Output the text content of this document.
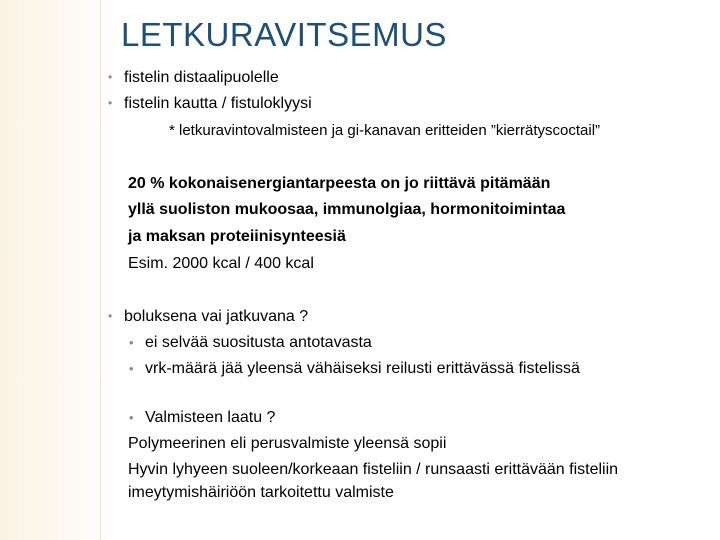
LETKURAVITSEMUS
• fistelin distaalipuolelle
• fistelin kautta / fistuloklyysi
* letkuravintovalmisteen ja gi-kanavan eritteiden ”kierrätyscoctail”
20 % kokonaisenergiantarpeesta on jo riittävä pitämään
yllä suoliston mukoosaa, immunolgiaa, hormonitoimintaa
ja maksan proteiinisynteesiä
Esim. 2000 kcal / 400 kcal
• boluksena vai jatkuvana ?
• ei selvää suositusta antotavasta
• vrk-määrä jää yleensä vähäiseksi reilusti erittävässä fistelissä
• Valmisteen laatu ?
Polymeerinen eli perusvalmiste yleensä sopii
Hyvin lyhyeen suoleen/korkeaan fisteliin / runsaasti erittävään fisteliin
imeytymishäiriöön tarkoitettu valmiste
